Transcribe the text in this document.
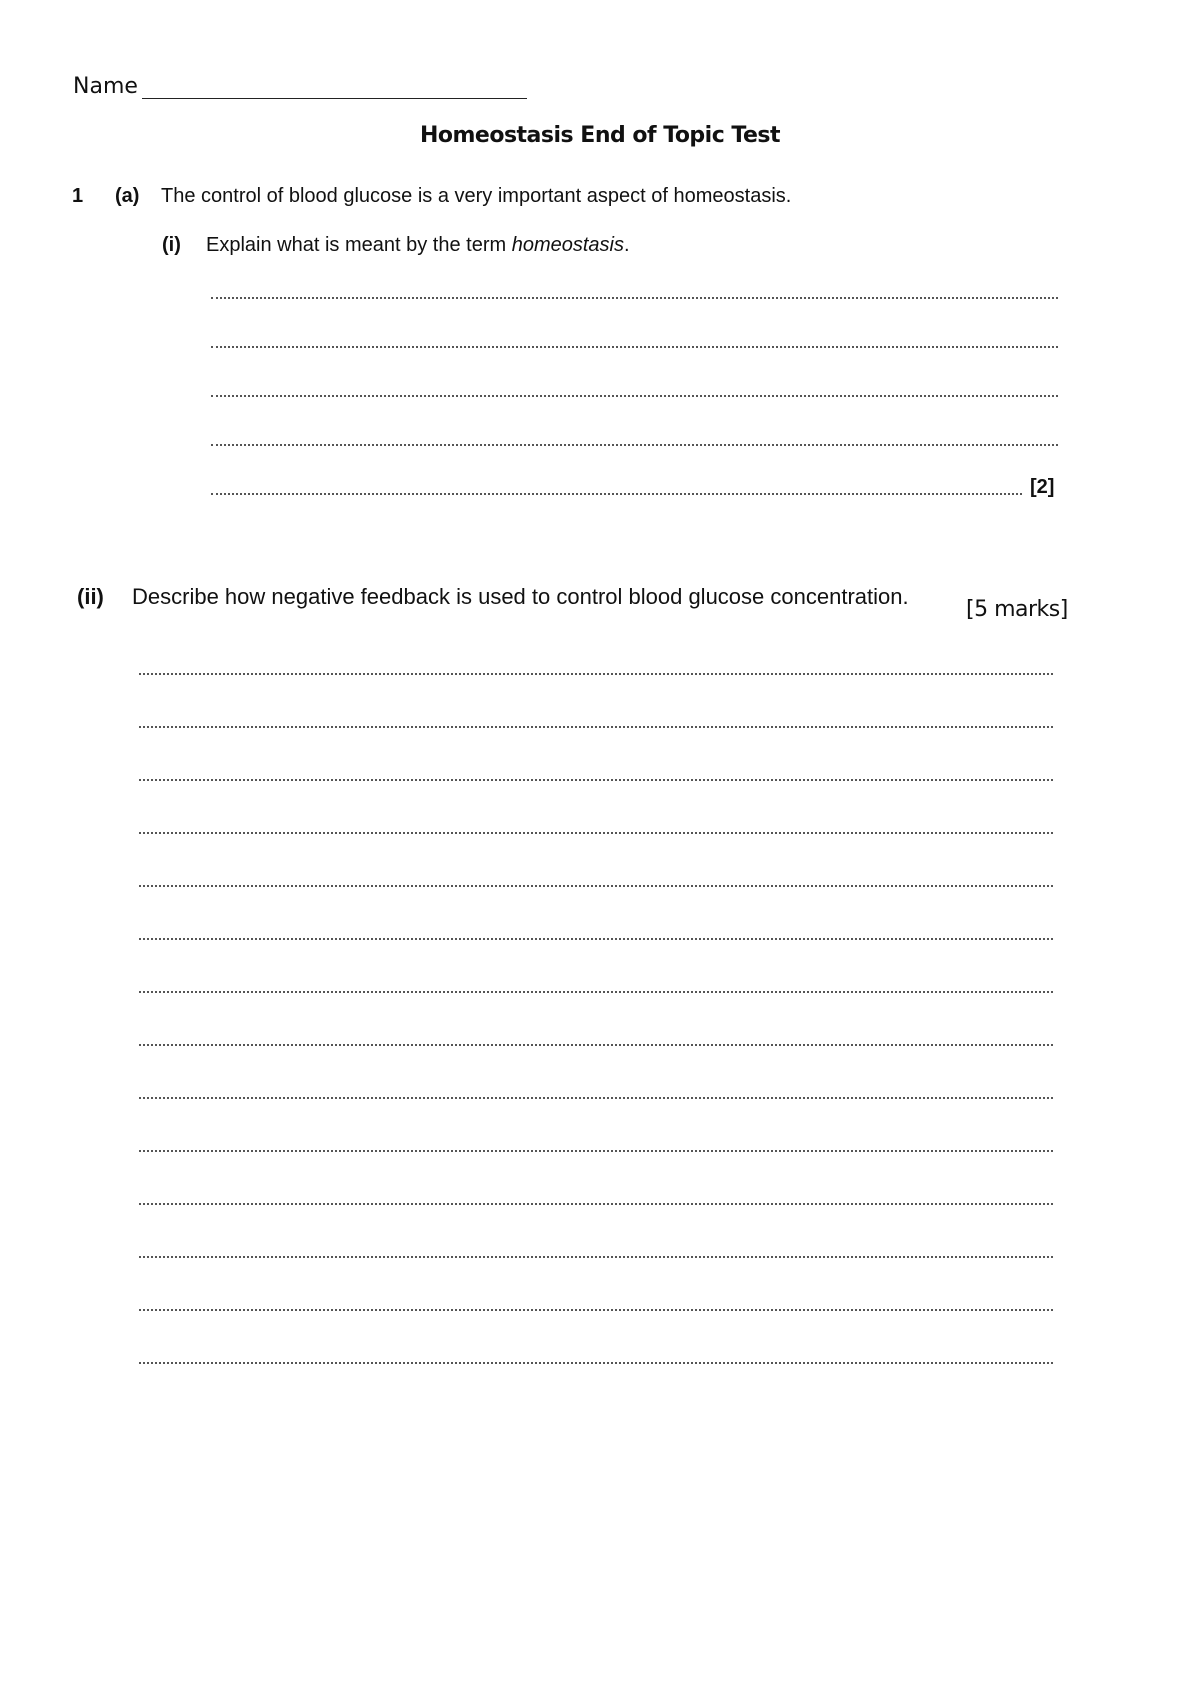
Name
Homeostasis End of Topic Test
1 (a) The control of blood glucose is a very important aspect of homeostasis.
(i) Explain what is meant by the term homeostasis.
[2]
(ii) Describe how negative feedback is used to control blood glucose concentration.
[5 marks]
